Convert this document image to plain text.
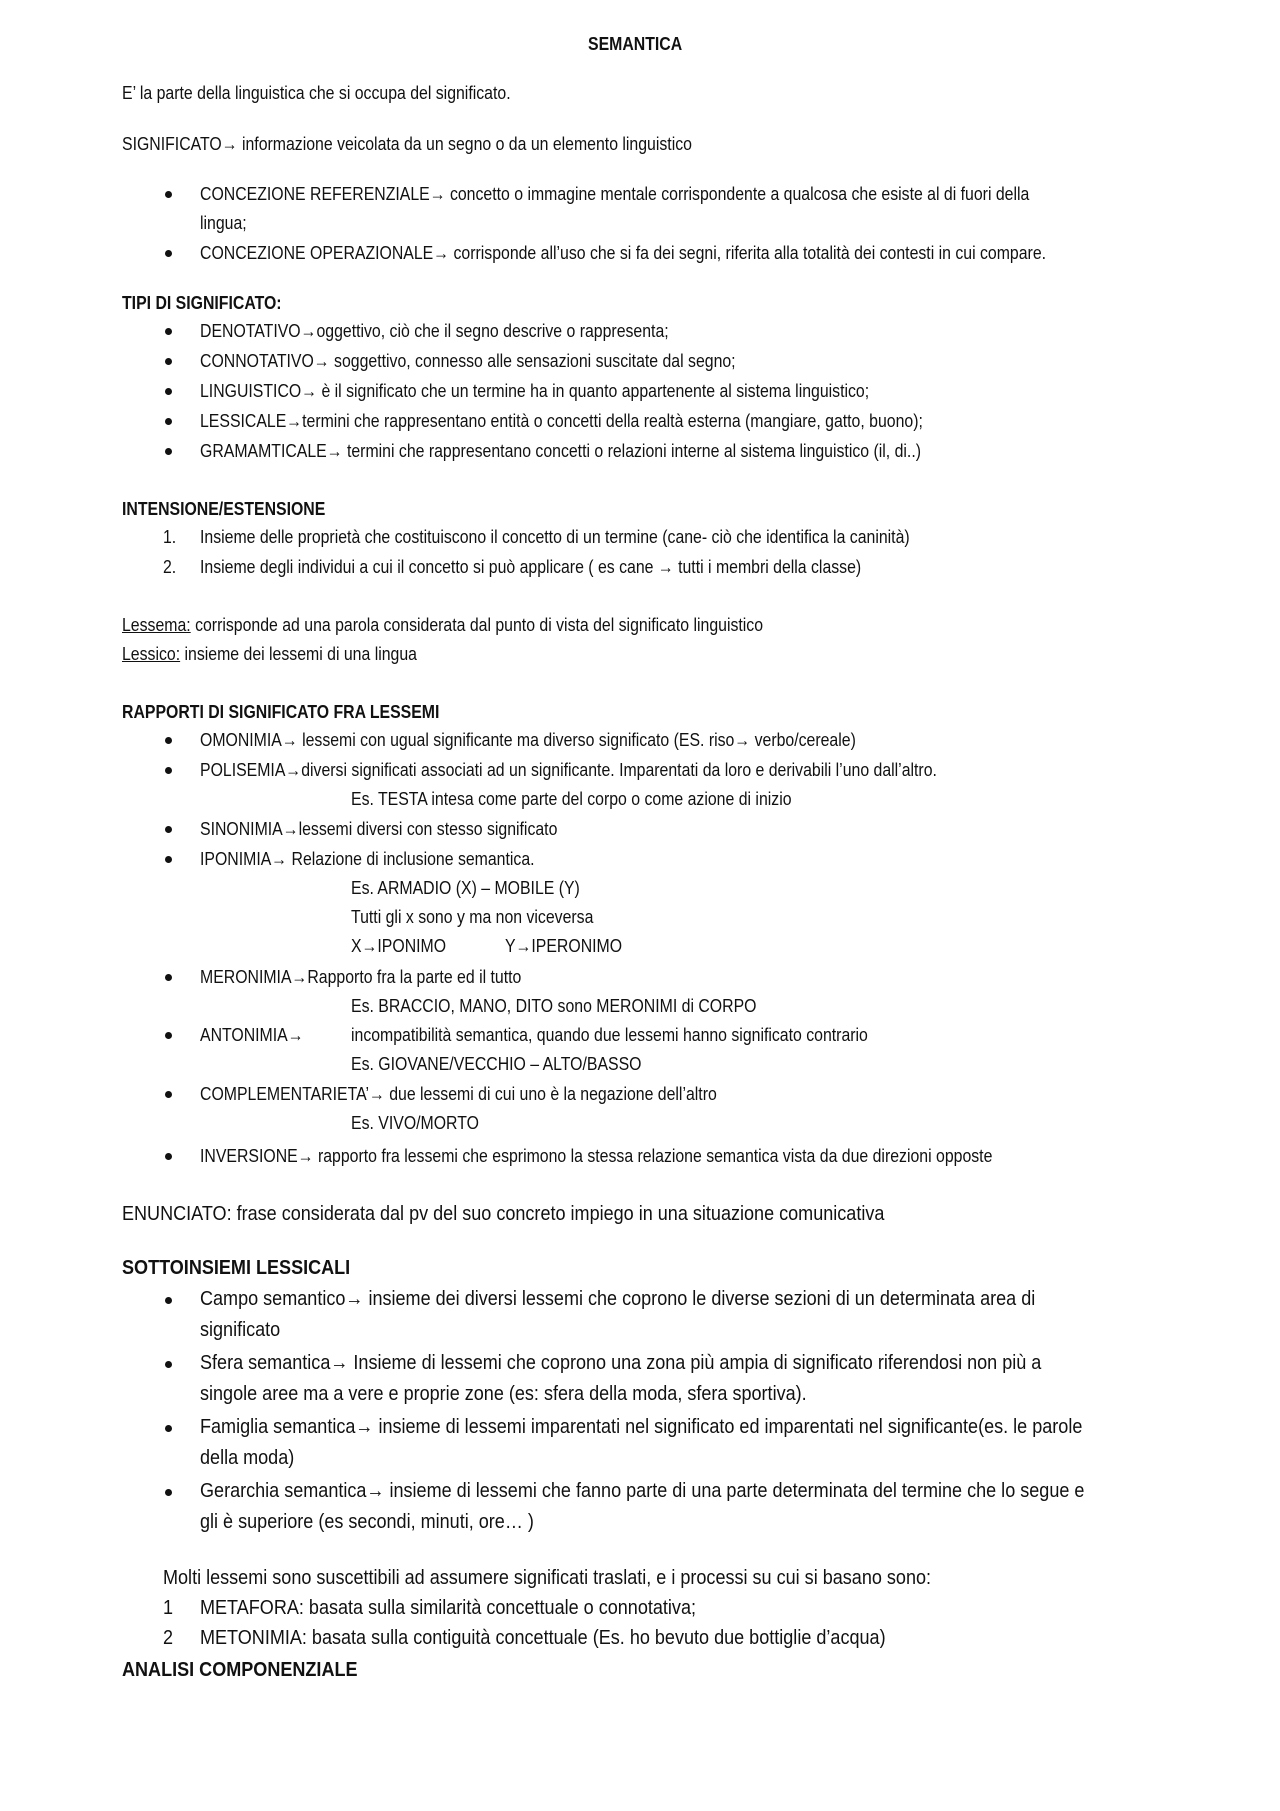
SEMANTICA
E’ la parte della linguistica che si occupa del significato.
SIGNIFICATO→ informazione veicolata da un segno o da un elemento linguistico
CONCEZIONE REFERENZIALE→ concetto o immagine mentale corrispondente a qualcosa che esiste al di fuori della
lingua;
CONCEZIONE OPERAZIONALE→ corrisponde all’uso che si fa dei segni, riferita alla totalità dei contesti in cui compare.
TIPI DI SIGNIFICATO:
DENOTATIVO→oggettivo, ciò che il segno descrive o rappresenta;
CONNOTATIVO→ soggettivo, connesso alle sensazioni suscitate dal segno;
LINGUISTICO→ è il significato che un termine ha in quanto appartenente al sistema linguistico;
LESSICALE→termini che rappresentano entità o concetti della realtà esterna (mangiare, gatto, buono);
GRAMAMTICALE→ termini che rappresentano concetti o relazioni interne al sistema linguistico (il, di..)
INTENSIONE/ESTENSIONE
1. Insieme delle proprietà che costituiscono il concetto di un termine (cane- ciò che identifica la caninità)
2. Insieme degli individui a cui il concetto si può applicare ( es cane → tutti i membri della classe)
Lessema: corrisponde ad una parola considerata dal punto di vista del significato linguistico
Lessico: insieme dei lessemi di una lingua
RAPPORTI DI SIGNIFICATO FRA LESSEMI
OMONIMIA→ lessemi con ugual significante ma diverso significato (ES. riso→ verbo/cereale)
POLISEMIA→diversi significati associati ad un significante. Imparentati da loro e derivabili l’uno dall’altro.
Es. TESTA intesa come parte del corpo o come azione di inizio
SINONIMIA→lessemi diversi con stesso significato
IPONIMIA→ Relazione di inclusione semantica.
Es. ARMADIO (X) – MOBILE (Y)
Tutti gli x sono y ma non viceversa
X→IPONIMO	Y→IPERONIMO
MERONIMIA→Rapporto fra la parte ed il tutto
Es. BRACCIO, MANO, DITO sono MERONIMI di CORPO
ANTONIMIA→	incompatibilità semantica, quando due lessemi hanno significato contrario
Es. GIOVANE/VECCHIO – ALTO/BASSO
COMPLEMENTARIETA’→ due lessemi di cui uno è la negazione dell’altro
Es. VIVO/MORTO
INVERSIONE→ rapporto fra lessemi che esprimono la stessa relazione semantica vista da due direzioni opposte
ENUNCIATO: frase considerata dal pv del suo concreto impiego in una situazione comunicativa
SOTTOINSIEMI LESSICALI
Campo semantico→ insieme dei diversi lessemi che coprono le diverse sezioni di un determinata area di
significato
Sfera semantica→ Insieme di lessemi che coprono una zona più ampia di significato riferendosi non più a
singole aree ma a vere e proprie zone (es: sfera della moda, sfera sportiva).
Famiglia semantica→ insieme di lessemi imparentati nel significato ed imparentati nel significante(es. le parole
della moda)
Gerarchia semantica→ insieme di lessemi che fanno parte di una parte determinata del termine che lo segue e
gli è superiore (es secondi, minuti, ore… )
Molti lessemi sono suscettibili ad assumere significati traslati, e i processi su cui si basano sono:
1 METAFORA: basata sulla similarità concettuale o connotativa;
2 METONIMIA: basata sulla contiguità concettuale (Es. ho bevuto due bottiglie d’acqua)
ANALISI COMPONENZIALE
